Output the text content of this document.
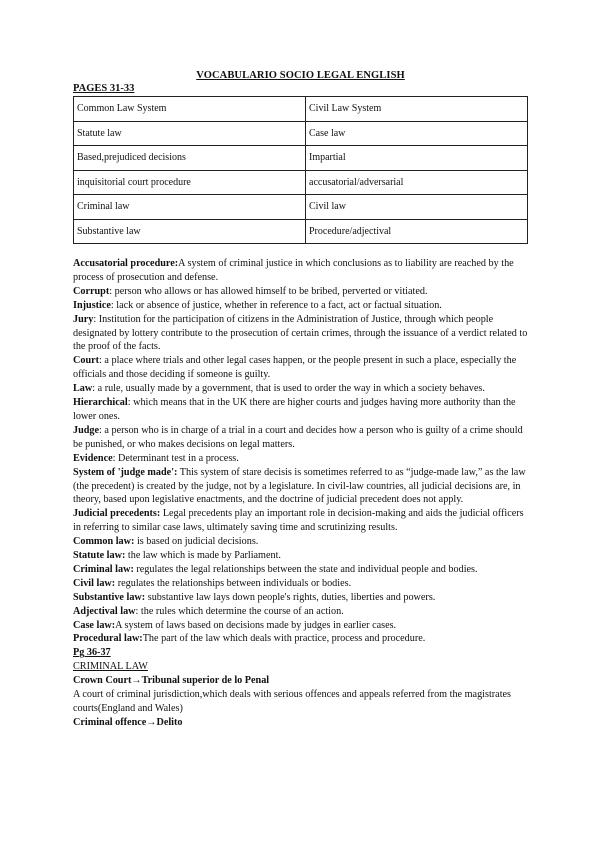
VOCABULARIO SOCIO LEGAL ENGLISH

PAGES 31-33

Common Law System	Civil Law System
Statute law	Case law
Based,prejudiced decisions	Impartial
inquisitorial court procedure	accusatorial/adversarial
Criminal law	Civil law
Substantive law	Procedure/adjectival

Accusatorial procedure:A system of criminal justice in which conclusions as to liability are reached by the process of prosecution and defense.

Corrupt: person who allows or has allowed himself to be bribed, perverted or vitiated.

Injustice: lack or absence of justice, whether in reference to a fact, act or factual situation.

Jury: Institution for the participation of citizens in the Administration of Justice, through which people designated by lottery contribute to the prosecution of certain crimes, through the issuance of a verdict related to the proof of the facts.

Court: a place where trials and other legal cases happen, or the people present in such a place, especially the officials and those deciding if someone is guilty.

Law: a rule, usually made by a government, that is used to order the way in which a society behaves.

Hierarchical: which means that in the UK there are higher courts and judges having more authority than the lower ones.

Judge: a person who is in charge of a trial in a court and decides how a person who is guilty of a crime should be punished, or who makes decisions on legal matters.

Evidence: Determinant test in a process.

System of 'judge made': This system of stare decisis is sometimes referred to as “judge-made law,” as the law (the precedent) is created by the judge, not by a legislature. In civil-law countries, all judicial decisions are, in theory, based upon legislative enactments, and the doctrine of judicial precedent does not apply.

Judicial precedents: Legal precedents play an important role in decision-making and aids the judicial officers in referring to similar case laws, ultimately saving time and scrutinizing results.

Common law: is based on judicial decisions.

Statute law: the law which is made by Parliament.

Criminal law: regulates the legal relationships between the state and individual people and bodies.

Civil law: regulates the relationships between individuals or bodies.

Substantive law: substantive law lays down people's rights, duties, liberties and powers.

Adjectival law: the rules which determine the course of an action.

Case law:A system of laws based on decisions made by judges in earlier cases.

Procedural law:The part of the law which deals with practice, process and procedure.

Pg 36-37

CRIMINAL LAW

Crown Court→Tribunal superior de lo Penal

A court of criminal jurisdiction,which deals with serious offences and appeals referred from the magistrates courts(England and Wales)

Criminal offence→Delito
